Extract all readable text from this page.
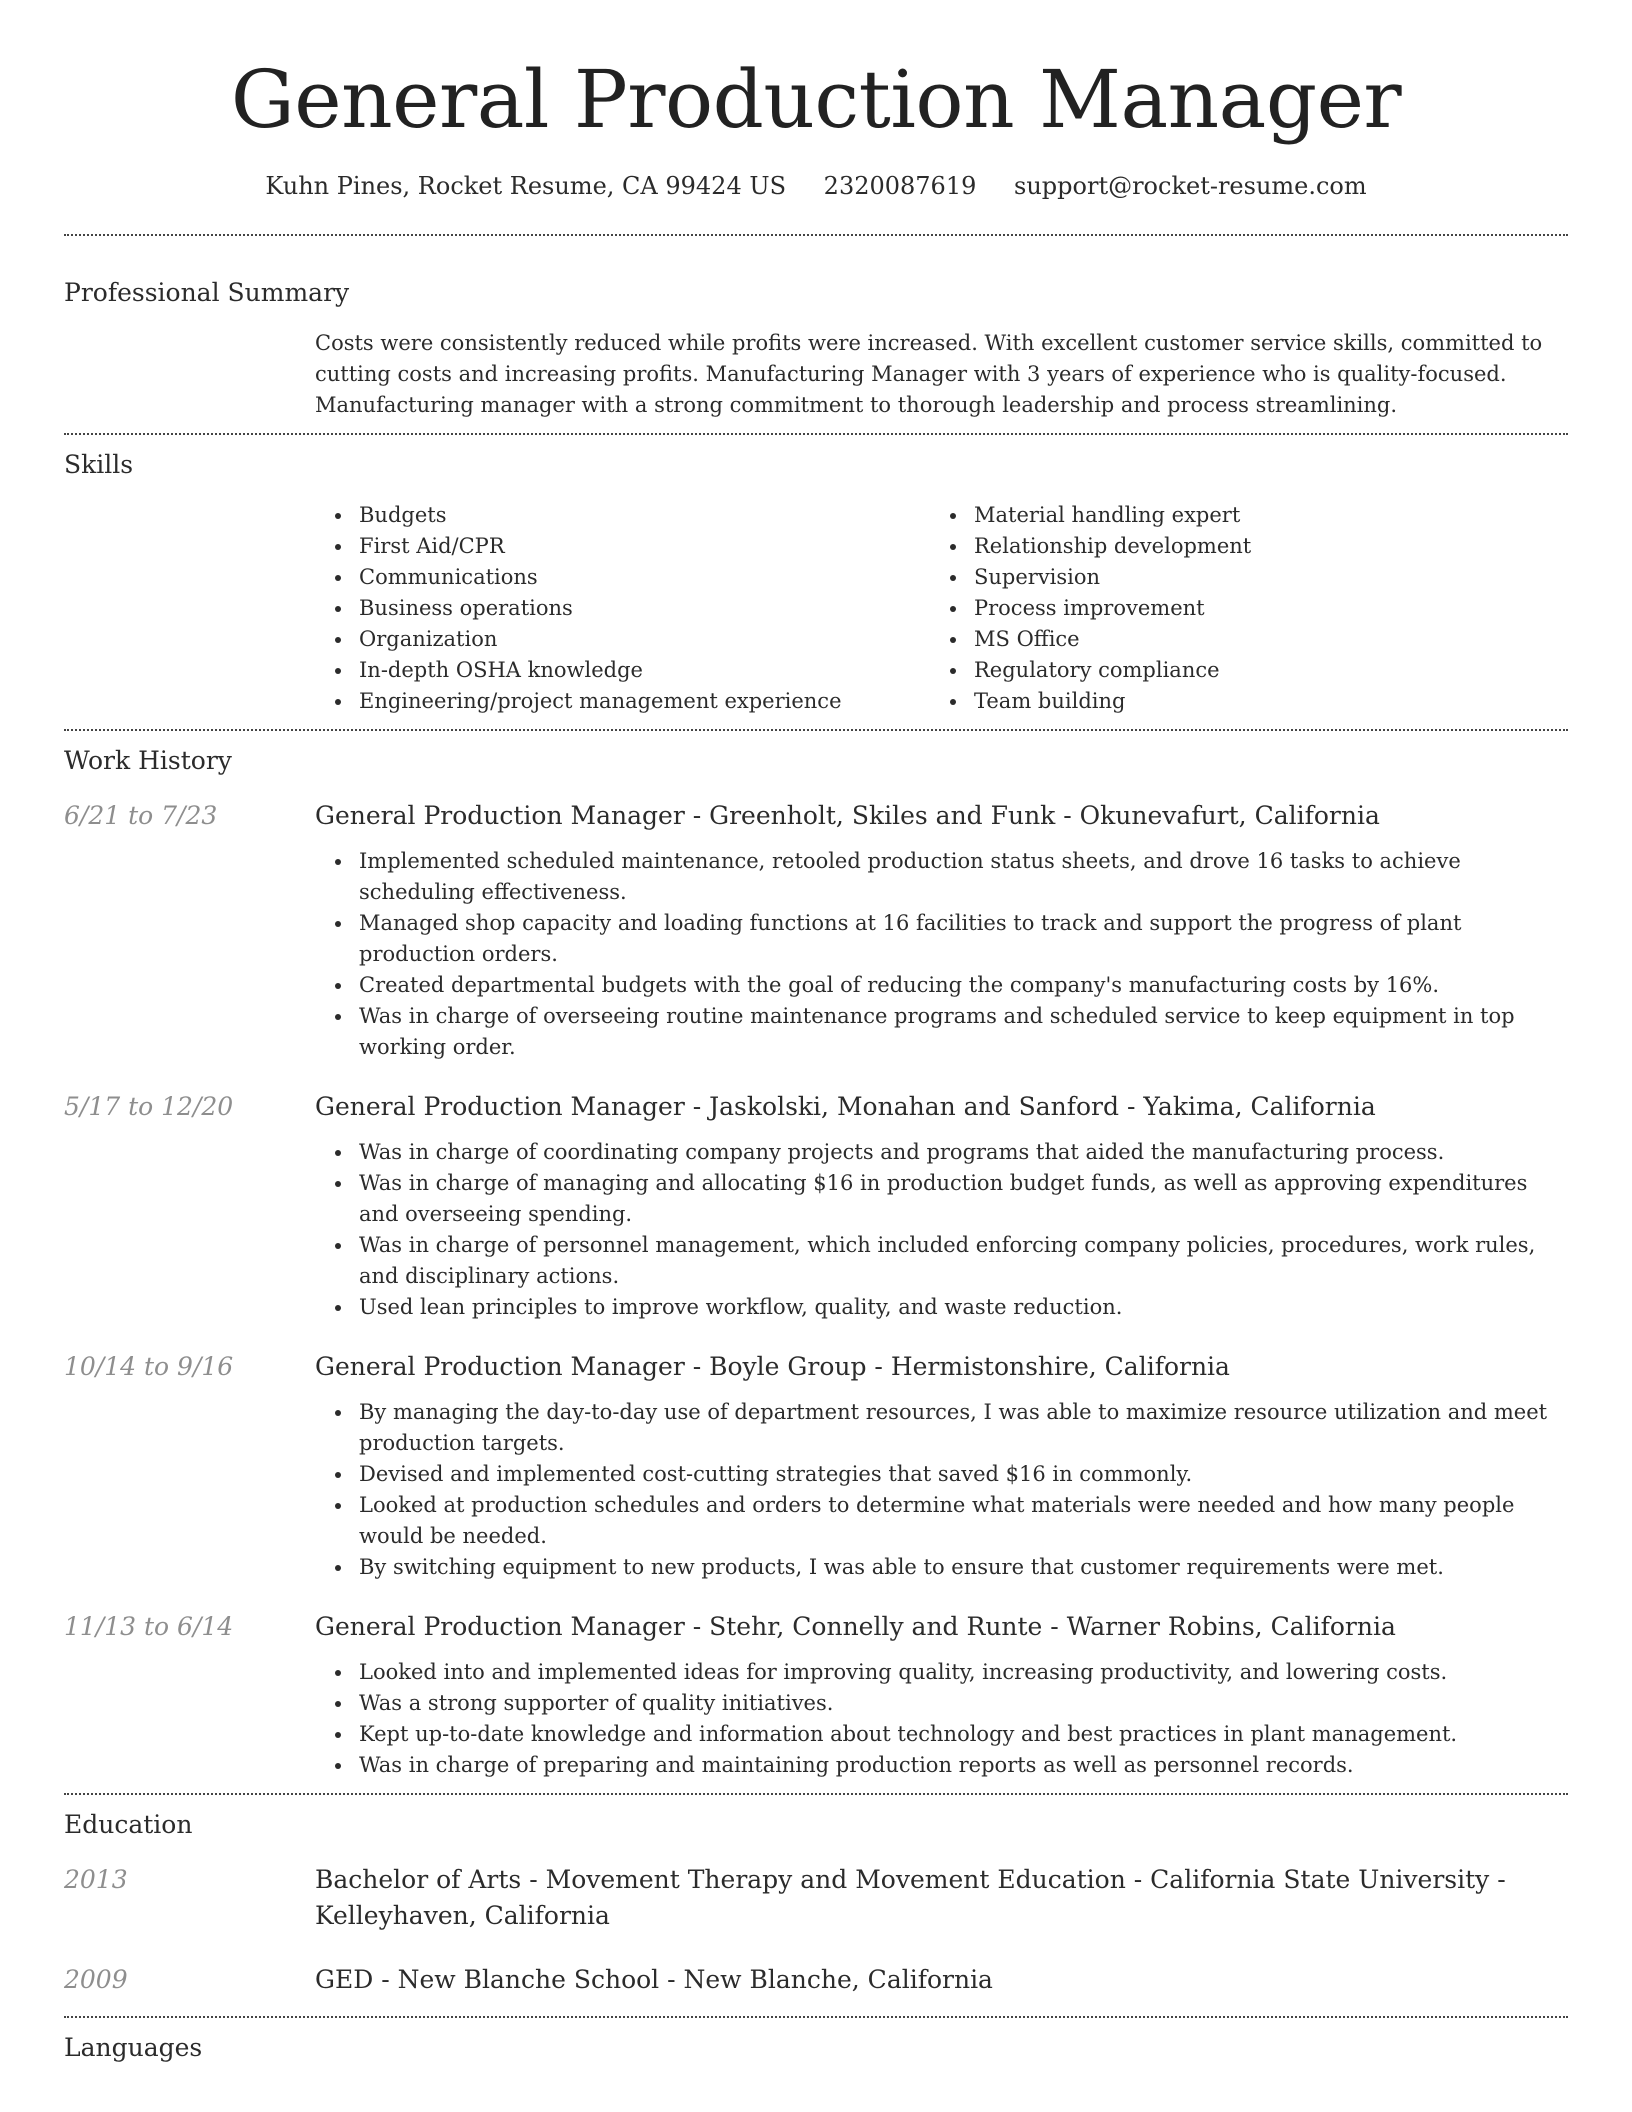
General Production Manager
Kuhn Pines, Rocket Resume, CA 99424 US 2320087619 support@rocket-resume.com
Professional Summary

Costs were consistently reduced while profits were increased. With excellent customer service skills, committed to cutting costs and increasing profits. Manufacturing Manager with 3 years of experience who is quality-focused. Manufacturing manager with a strong commitment to thorough leadership and process streamlining.

Skills
Budgets
First Aid/CPR
Communications
Business operations
Organization
In-depth OSHA knowledge
Engineering/project management experience
Material handling expert
Relationship development
Supervision
Process improvement
MS Office
Regulatory compliance
Team building
Work History
6/21 to 7/23	General Production Manager - Greenholt, Skiles and Funk - Okunevafurt, California
Implemented scheduled maintenance, retooled production status sheets, and drove 16 tasks to achieve scheduling effectiveness.
Managed shop capacity and loading functions at 16 facilities to track and support the progress of plant production orders.
Created departmental budgets with the goal of reducing the company's manufacturing costs by 16%.
Was in charge of overseeing routine maintenance programs and scheduled service to keep equipment in top working order.
5/17 to 12/20	General Production Manager - Jaskolski, Monahan and Sanford - Yakima, California
Was in charge of coordinating company projects and programs that aided the manufacturing process.
Was in charge of managing and allocating $16 in production budget funds, as well as approving expenditures and overseeing spending.
Was in charge of personnel management, which included enforcing company policies, procedures, work rules, and disciplinary actions.
Used lean principles to improve workflow, quality, and waste reduction.
10/14 to 9/16	General Production Manager - Boyle Group - Hermistonshire, California
By managing the day-to-day use of department resources, I was able to maximize resource utilization and meet production targets.
Devised and implemented cost-cutting strategies that saved $16 in commonly.
Looked at production schedules and orders to determine what materials were needed and how many people would be needed.
By switching equipment to new products, I was able to ensure that customer requirements were met.
11/13 to 6/14	General Production Manager - Stehr, Connelly and Runte - Warner Robins, California
Looked into and implemented ideas for improving quality, increasing productivity, and lowering costs.
Was a strong supporter of quality initiatives.
Kept up-to-date knowledge and information about technology and best practices in plant management.
Was in charge of preparing and maintaining production reports as well as personnel records.
Education
2013	Bachelor of Arts - Movement Therapy and Movement Education - California State University - Kelleyhaven, California
2009	GED - New Blanche School - New Blanche, California
Languages
